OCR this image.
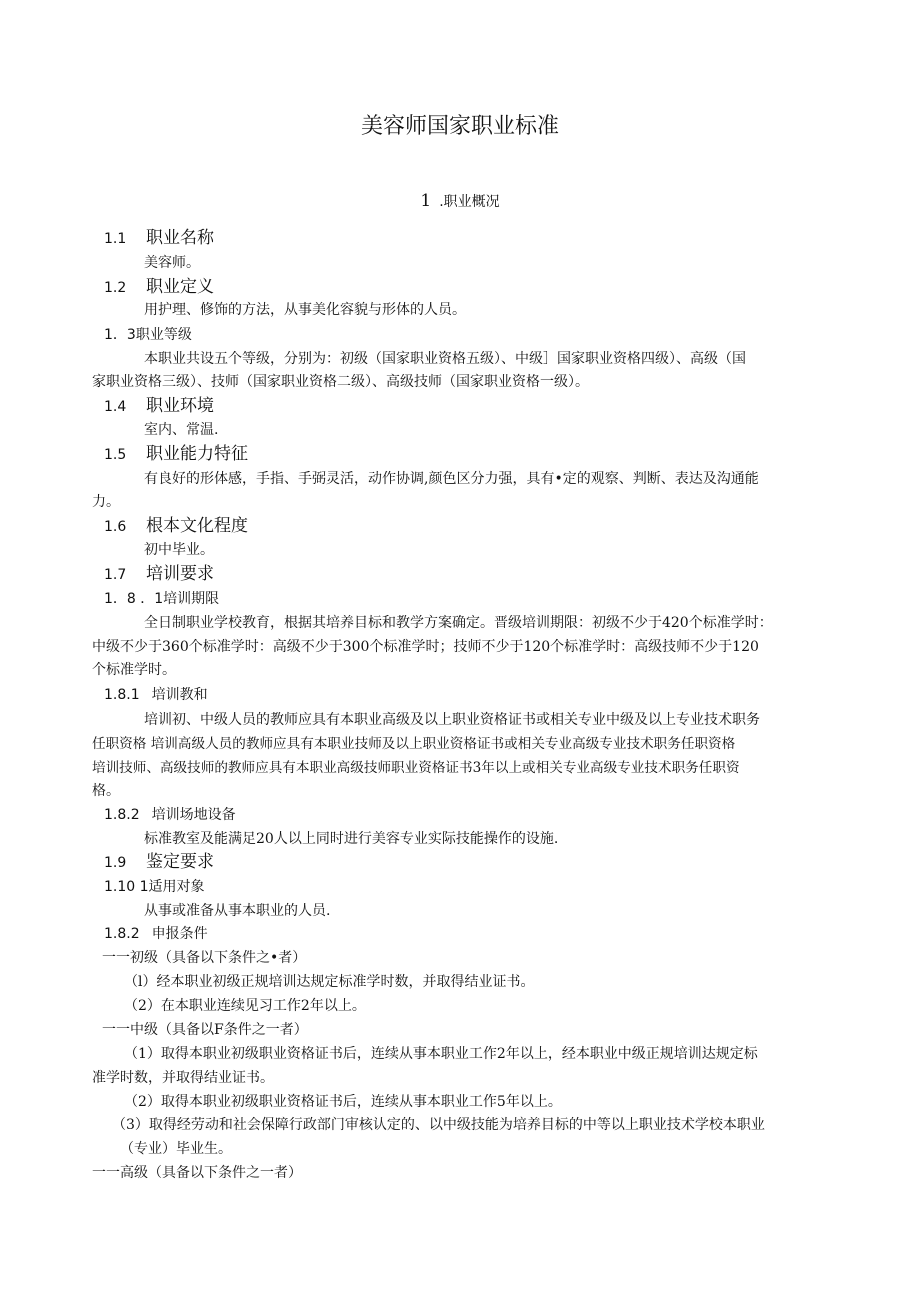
美容师国家职业标准
1 .职业概况
1.1 职业名称
美容师。
1.2 职业定义
用护理、修饰的方法，从事美化容貌与形体的人员。
1．3职业等级
本职业共设五个等级，分别为：初级（国家职业资格五级）、中级］国家职业资格四级）、高级（国
家职业资格三级）、技师（国家职业资格二级）、高级技师（国家职业资格一级）。
1.4 职业环境
室内、常温.
1.5 职业能力特征
有良好的形体感，手指、手弼灵活，动作协调,颜色区分力强，具有•定的观察、判断、表达及沟通能
力。
1.6 根本文化程度
初中毕业。
1.7 培训要求
1．8 ．1培训期限
全日制职业学校教育，根据其培养目标和教学方案确定。晋级培训期限：初级不少于420个标准学时：
中级不少于360个标准学时：高级不少于300个标准学时；技师不少于120个标准学时：高级技师不少于120
个标准学时。
1.8.1 培训教和
培训初、中级人员的教师应具有本职业高级及以上职业资格证书或相关专业中级及以上专业技术职务
任职资格 培训高级人员的教师应具有本职业技师及以上职业资格证书或相关专业高级专业技术职务任职资格
培训技师、高级技师的教师应具有本职业高级技师职业资格证书3年以上或相关专业高级专业技术职务任职资
格。
1.8.2 培训场地设备
标准教室及能满足20人以上同时进行美容专业实际技能操作的设施.
1.9 鉴定要求
1.10 1适用对象
从事或准备从事本职业的人员.
1.8.2 申报条件
一一初级（具备以下条件之•者）
（l）经本职业初级正规培训达规定标准学时数，并取得结业证书。
（2）在本职业连续见习工作2年以上。
一一中级（具备以F条件之一者）
（1）取得本职业初级职业资格证书后，连续从事本职业工作2年以上，经本职业中级正规培训达规定标
准学时数，并取得结业证书。
（2）取得本职业初级职业资格证书后，连续从事本职业工作5年以上。
（3）取得经劳动和社会保障行政部门审核认定的、以中级技能为培养目标的中等以上职业技术学校本职业
（专业）毕业生。
一一高级（具备以下条件之一者）
